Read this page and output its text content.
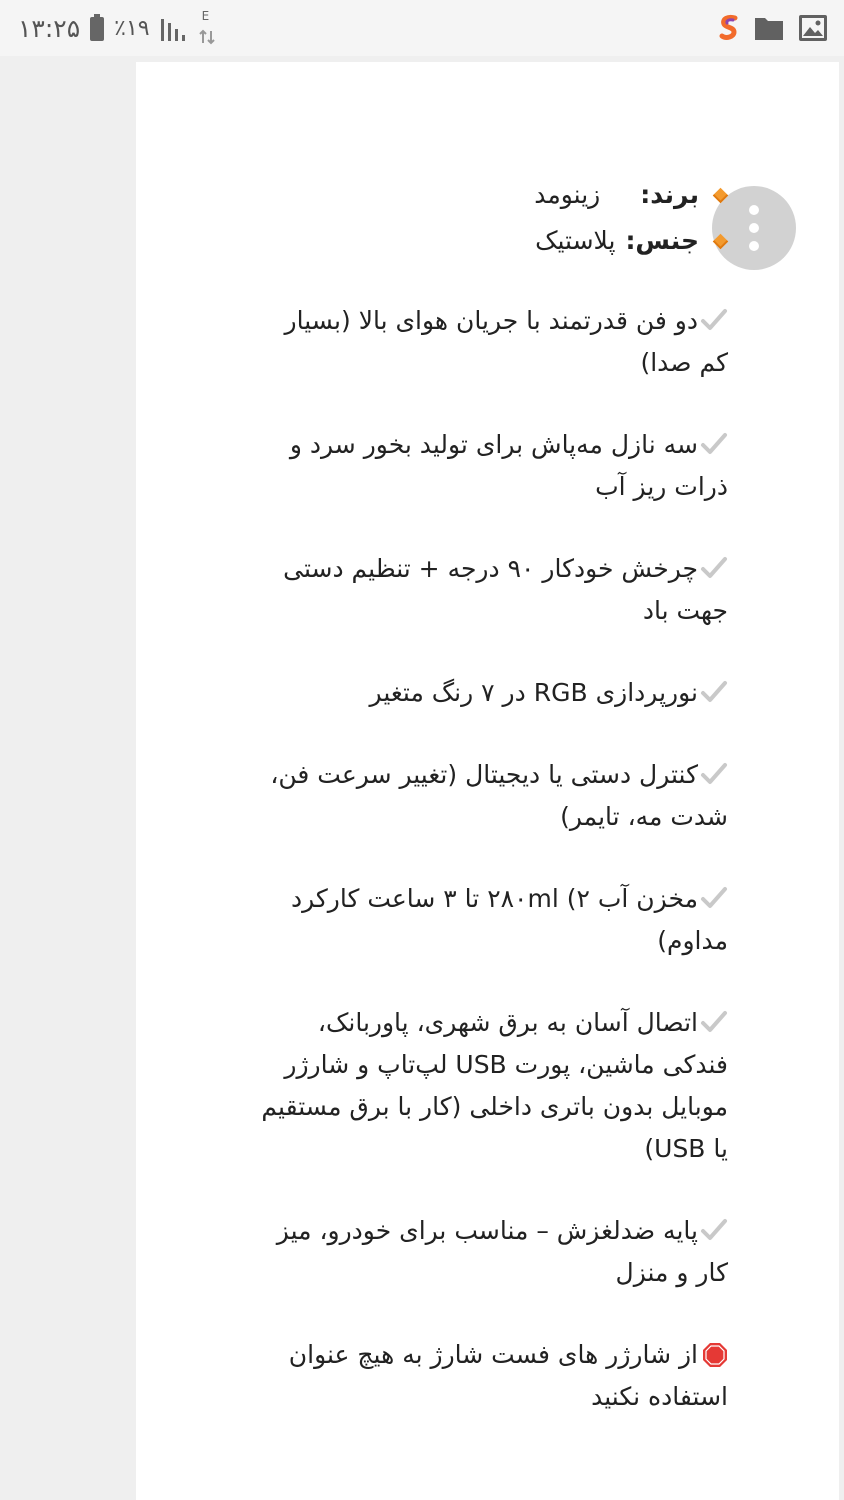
۱۳:۲۵ ٪۱۹	E
برند:
زینومد
جنس:
پلاستیک
دو فن قدرتمند با جریان هوای بالا (بسیار کم صدا)
سه نازل مه‌پاش برای تولید بخور سرد و ذرات ریز آب
چرخش خودکار ۹۰ درجه + تنظیم دستی جهت باد
نورپردازی RGB در ۷ رنگ متغیر
کنترل دستی یا دیجیتال (تغییر سرعت فن، شدت مه، تایمر)
مخزن آب ۲) ۲۸۰ml تا ۳ ساعت کارکرد مداوم)
اتصال آسان به برق شهری، پاوربانک، فندکی ماشین، پورت USB لپ‌تاپ و شارژر موبایل بدون باتری داخلی (کار با برق مستقیم یا USB)
پایه ضدلغزش – مناسب برای خودرو، میز کار و منزل
از شارژر های فست شارژ به هیچ عنوان استفاده نکنید
